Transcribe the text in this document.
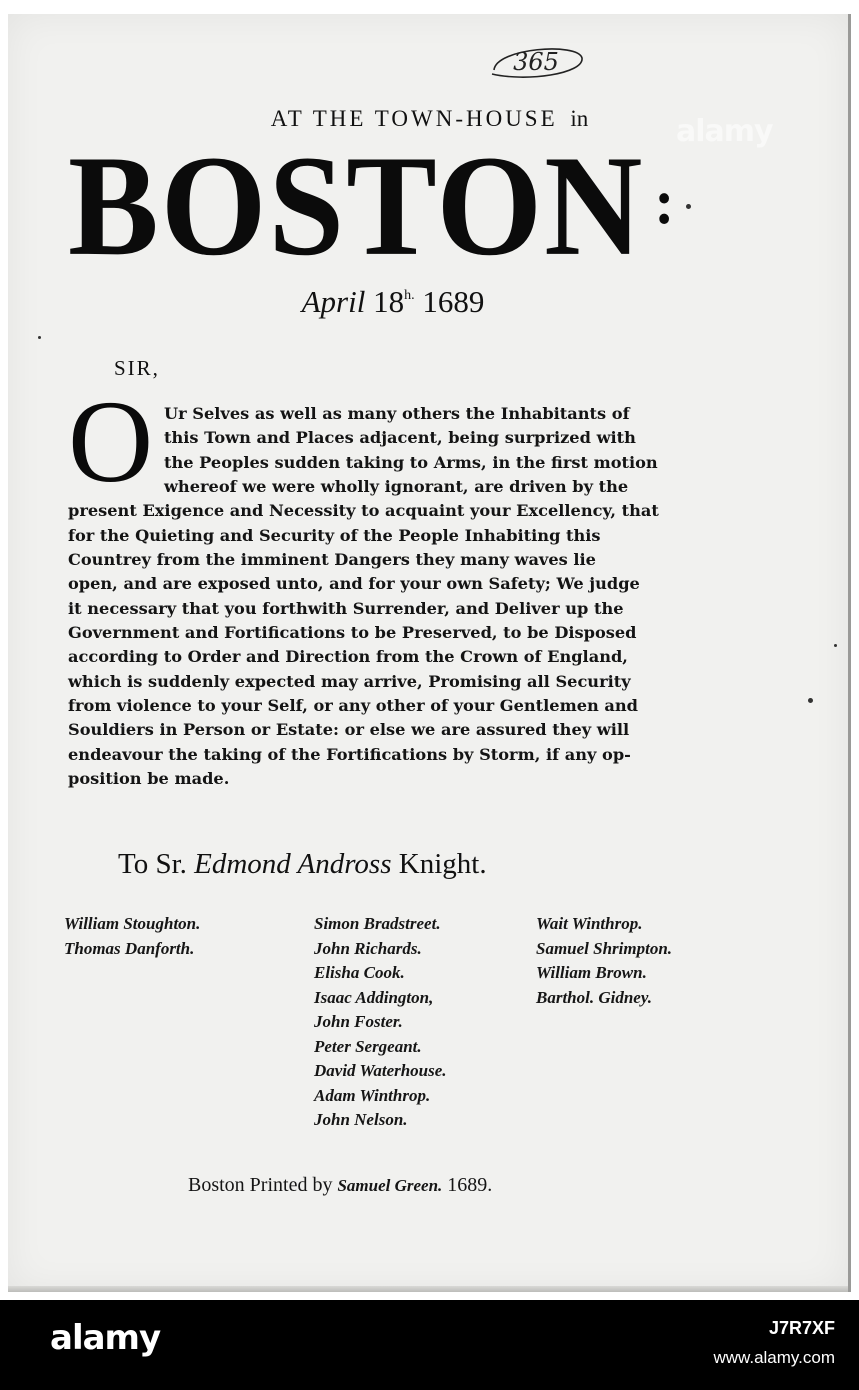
365
alamy
AT THE TOWN-HOUSE in
BOSTON :
April $18^{h.}$ 1689
SIR,
O Ur Selves as well as many others the Inhabitants of
this Town and Places adjacent, being surprized with
the Peoples sudden taking to Arms, in the first motion
whereof we were wholly ignorant, are driven by the
present Exigence and Necessity to acquaint your Excellency, that
for the Quieting and Security of the People Inhabiting this
Countrey from the imminent Dangers they many waves lie
open, and are exposed unto, and for your own Safety; We judge
it necessary that you forthwith Surrender, and Deliver up the
Government and Fortifications to be Preserved, to be Disposed
according to Order and Direction from the Crown of England,
which is suddenly expected may arrive, Promising all Security
from violence to your Self, or any other of your Gentlemen and
Souldiers in Person or Estate: or else we are assured they will
endeavour the taking of the Fortifications by Storm, if any op-
position be made.
To Sr. Edmond Andross Knight.
William Stoughton.
Thomas Danforth.
Simon Bradstreet.
John Richards.
Elisha Cook.
Isaac Addington,
John Foster.
Peter Sergeant.
David Waterhouse.
Adam Winthrop.
John Nelson.
Wait Winthrop.
Samuel Shrimpton.
William Brown.
Barthol. Gidney.
Boston Printed by Samuel Green. 1689.
alamy	J7R7XF
www.alamy.com
